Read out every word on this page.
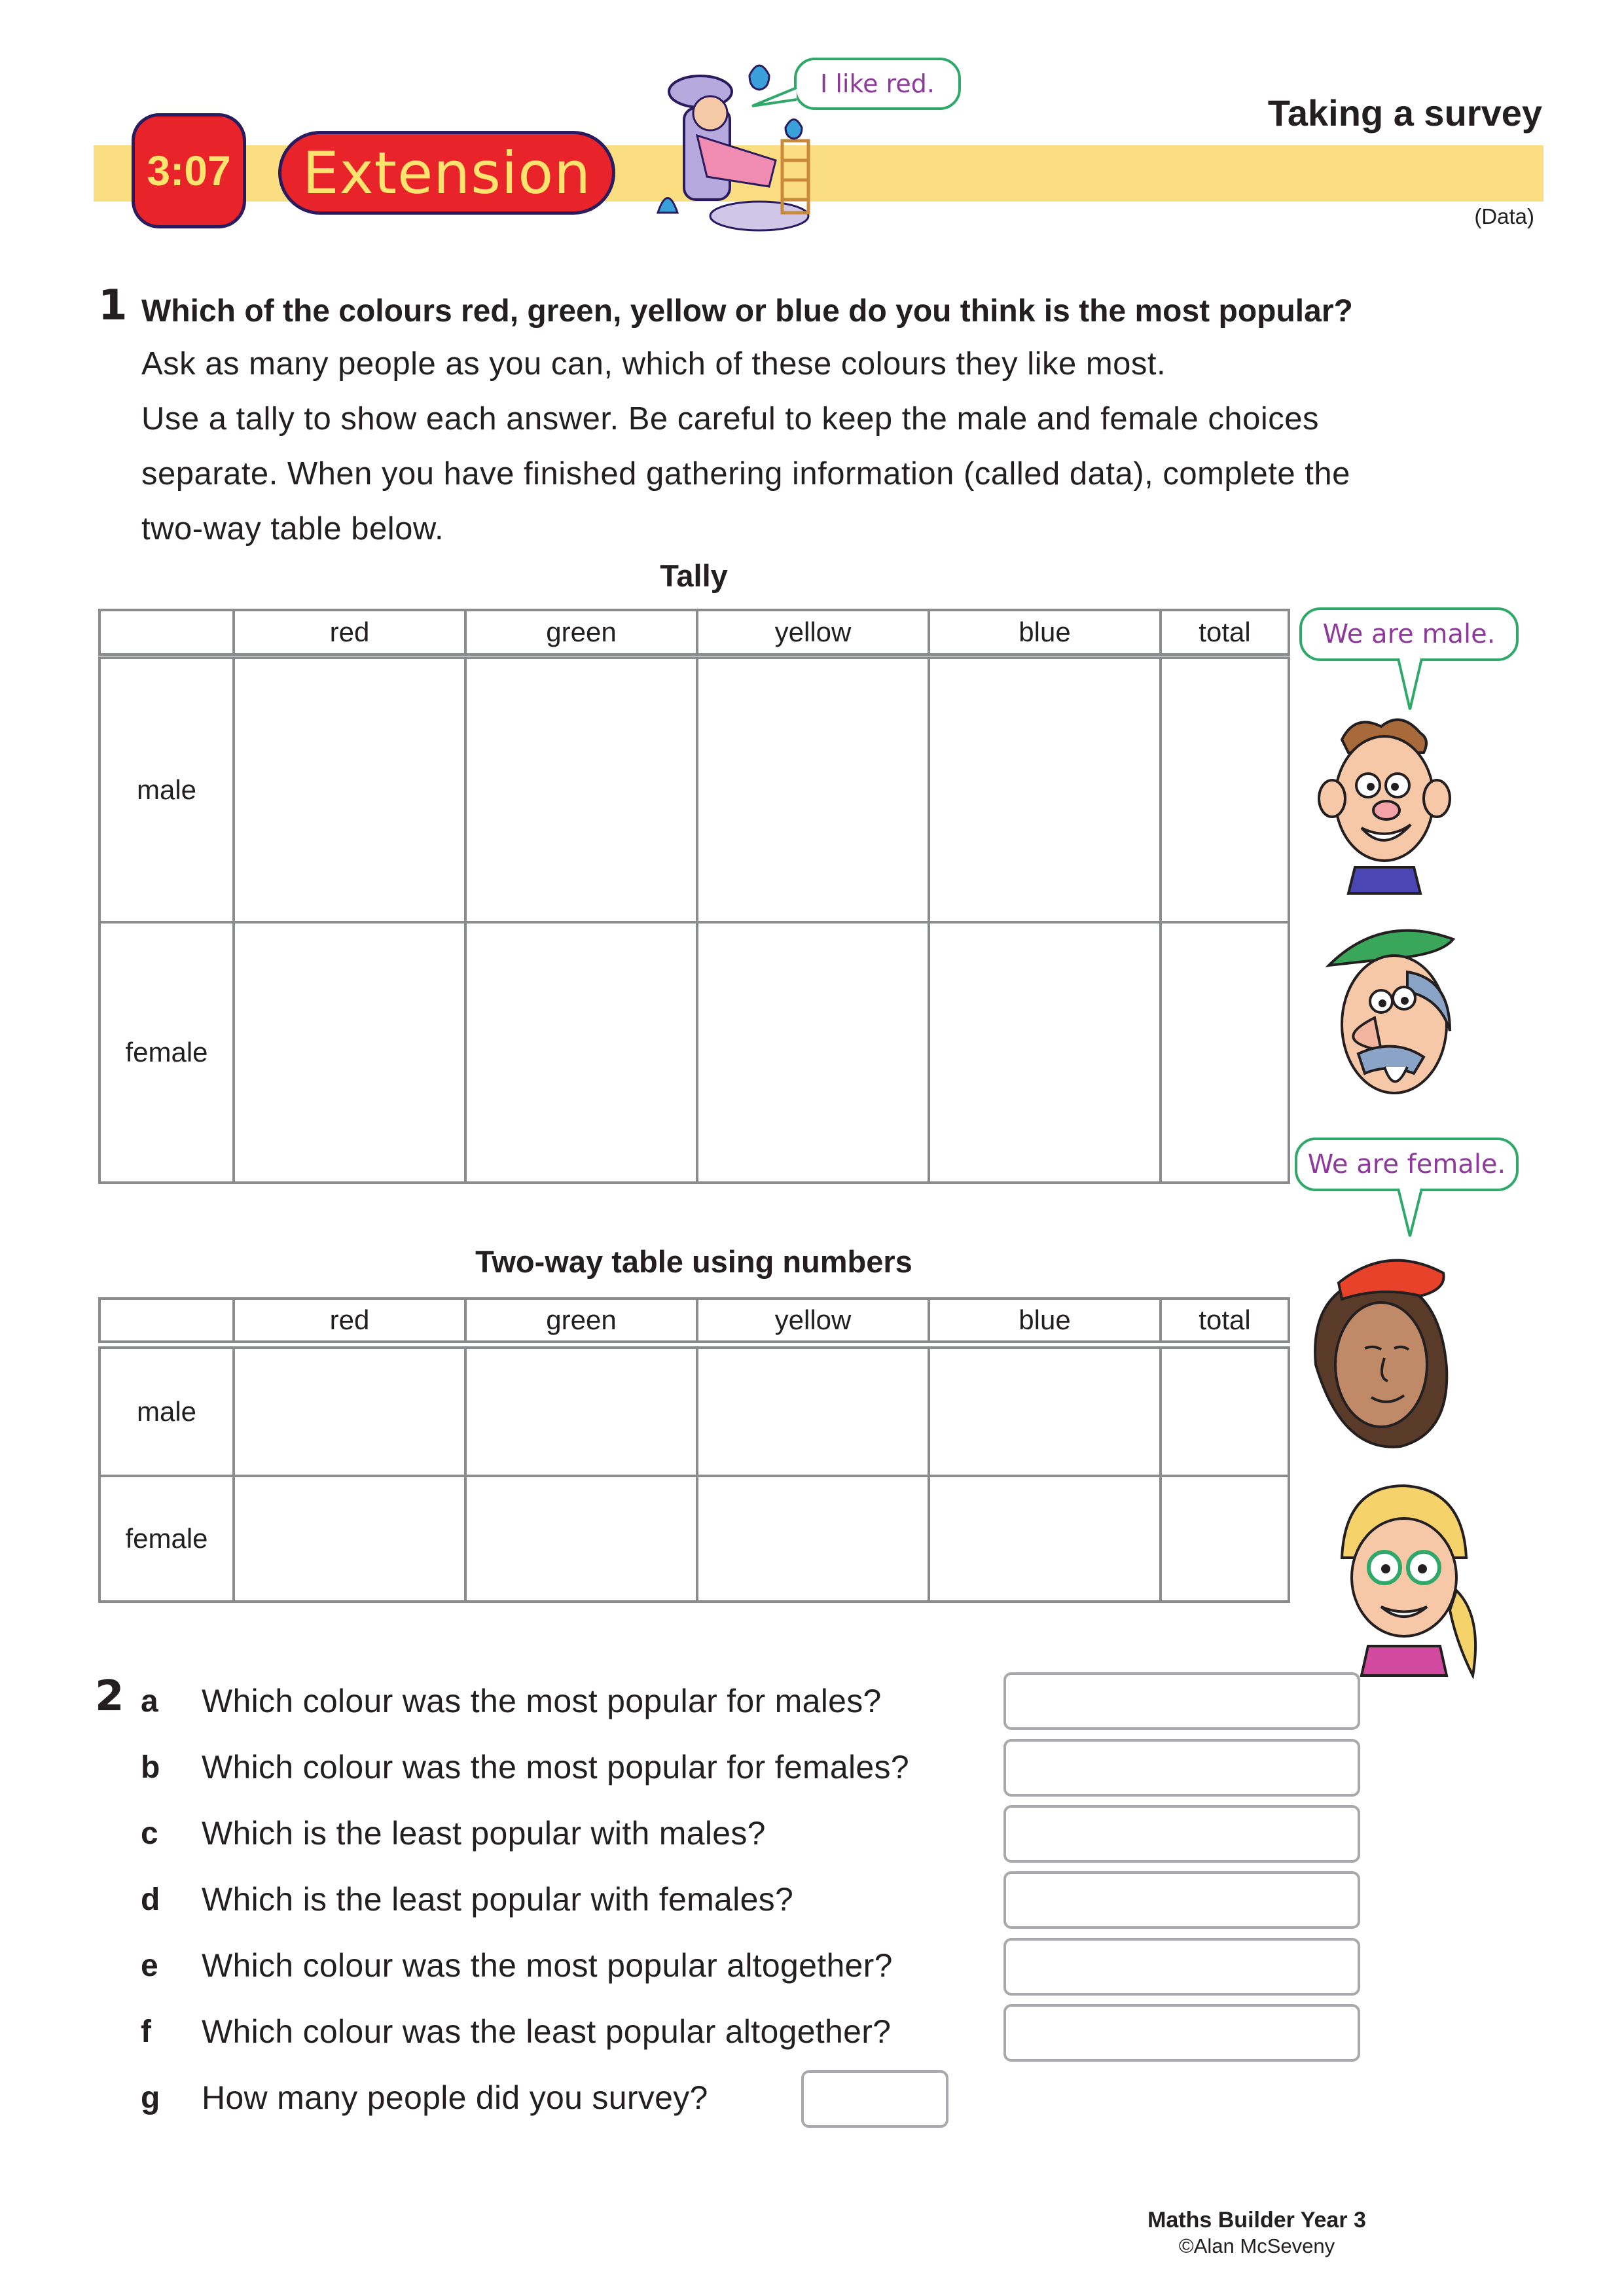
3:07 Extension
I like red.
Taking a survey
(Data)
1 Which of the colours red, green, yellow or blue do you think is the most popular?
Ask as many people as you can, which of these colours they like most.
Use a tally to show each answer. Be careful to keep the male and female choices
separate. When you have finished gathering information (called data), complete the
two-way table below.
Tally
red	green	yellow	blue	total
male
female
We are male.
We are female.
Two-way table using numbers
red	green	yellow	blue	total
male
female
2 a Which colour was the most popular for males?
b Which colour was the most popular for females?
c Which is the least popular with males?
d Which is the least popular with females?
e Which colour was the most popular altogether?
f Which colour was the least popular altogether?
g How many people did you survey?
Maths Builder Year 3
©Alan McSeveny
